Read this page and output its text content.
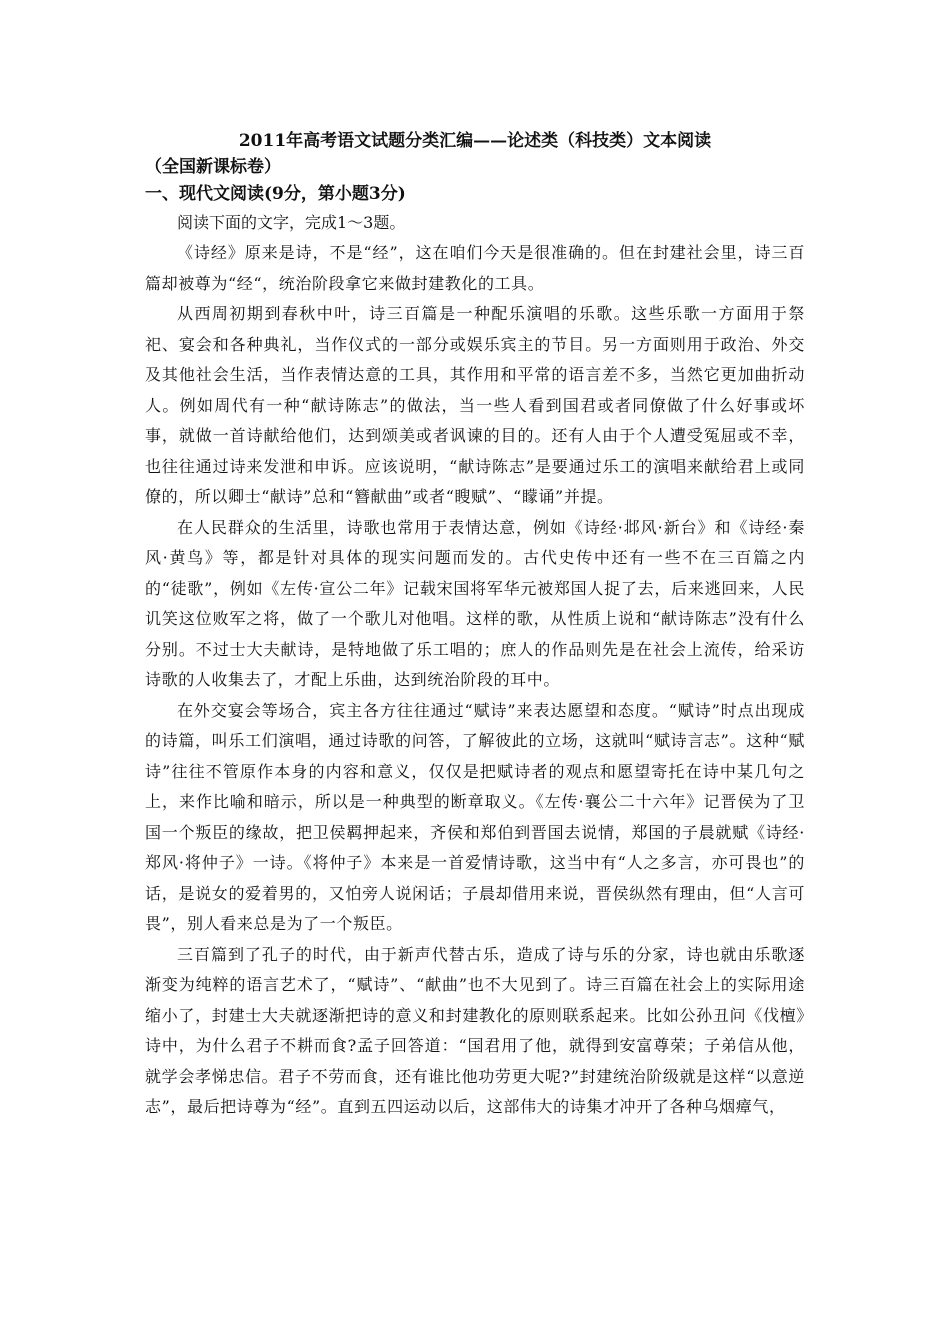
2011年高考语文试题分类汇编——论述类（科技类）文本阅读

（全国新课标卷）

一、现代文阅读(9分，第小题3分)

阅读下面的文字，完成1～3题。

《诗经》原来是诗，不是“经”，这在咱们今天是很准确的。但在封建社会里，诗三百篇却被尊为“经“，统治阶段拿它来做封建教化的工具。

从西周初期到春秋中叶，诗三百篇是一种配乐演唱的乐歌。这些乐歌一方面用于祭祀、宴会和各种典礼，当作仪式的一部分或娱乐宾主的节目。另一方面则用于政治、外交及其他社会生活，当作表情达意的工具，其作用和平常的语言差不多，当然它更加曲折动人。例如周代有一种“献诗陈志”的做法，当一些人看到国君或者同僚做了什么好事或坏事，就做一首诗献给他们，达到颂美或者讽谏的目的。还有人由于个人遭受冤屈或不幸，也往往通过诗来发泄和申诉。应该说明，“献诗陈志”是要通过乐工的演唱来献给君上或同僚的，所以卿士“献诗”总和“簪献曲”或者“瞍赋”、“矇诵”并提。

在人民群众的生活里，诗歌也常用于表情达意，例如《诗经·邶风·新台》和《诗经·秦风·黄鸟》等，都是针对具体的现实问题而发的。古代史传中还有一些不在三百篇之内的“徒歌”，例如《左传·宣公二年》记载宋国将军华元被郑国人捉了去，后来逃回来，人民讥笑这位败军之将，做了一个歌儿对他唱。这样的歌，从性质上说和“献诗陈志”没有什么分别。不过士大夫献诗，是特地做了乐工唱的；庶人的作品则先是在社会上流传，给采访诗歌的人收集去了，才配上乐曲，达到统治阶段的耳中。

在外交宴会等场合，宾主各方往往通过“赋诗”来表达愿望和态度。“赋诗”时点出现成的诗篇，叫乐工们演唱，通过诗歌的问答，了解彼此的立场，这就叫“赋诗言志”。这种“赋诗”往往不管原作本身的内容和意义，仅仅是把赋诗者的观点和愿望寄托在诗中某几句之上，来作比喻和暗示，所以是一种典型的断章取义。《左传·襄公二十六年》记晋侯为了卫国一个叛臣的缘故，把卫侯羁押起来，齐侯和郑伯到晋国去说情，郑国的子晨就赋《诗经·郑风·将仲子》一诗。《将仲子》本来是一首爱情诗歌，这当中有“人之多言，亦可畏也”的话，是说女的爱着男的，又怕旁人说闲话；子晨却借用来说，晋侯纵然有理由，但“人言可畏”，别人看来总是为了一个叛臣。

三百篇到了孔子的时代，由于新声代替古乐，造成了诗与乐的分家，诗也就由乐歌逐渐变为纯粹的语言艺术了，“赋诗”、“献曲”也不大见到了。诗三百篇在社会上的实际用途缩小了，封建士大夫就逐渐把诗的意义和封建教化的原则联系起来。比如公孙丑问《伐檀》诗中，为什么君子不耕而食?孟子回答道：“国君用了他，就得到安富尊荣；子弟信从他，就学会孝悌忠信。君子不劳而食，还有谁比他功劳更大呢?”封建统治阶级就是这样“以意逆志”，最后把诗尊为“经”。直到五四运动以后，这部伟大的诗集才冲开了各种乌烟瘴气，
